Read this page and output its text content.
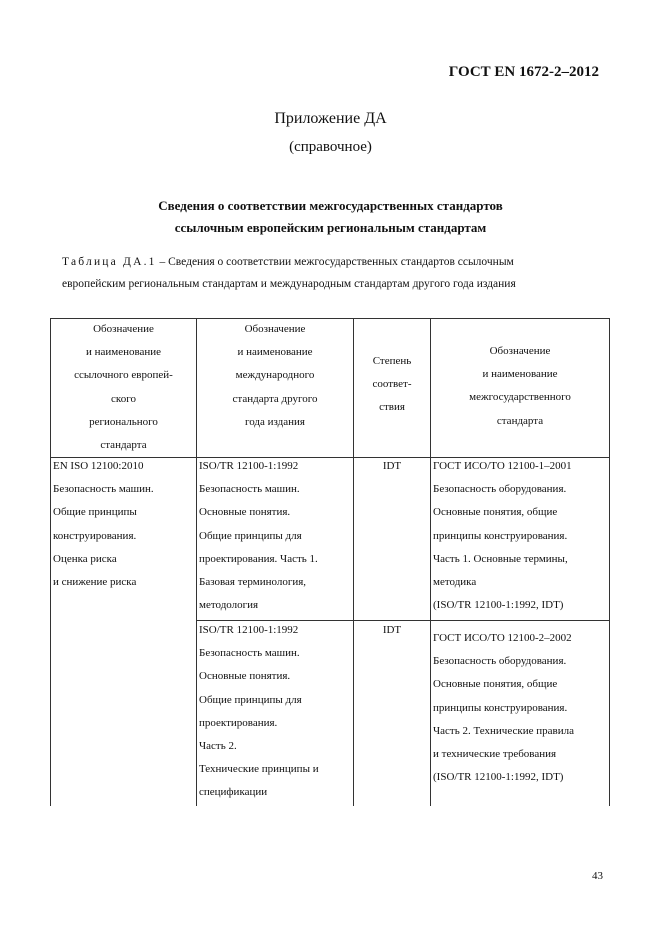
ГОСТ EN 1672-2–2012
Приложение ДА
(справочное)
Сведения о соответствии межгосударственных стандартов
ссылочным европейским региональным стандартам
Таблица ДА.1 – Сведения о соответствии межгосударственных стандартов ссылочным
европейским региональным стандартам и международным стандартам другого года издания
Обозначение
и наименование
ссылочного европей-
ского
регионального
стандарта
Обозначение
и наименование
международного
стандарта другого
года издания
Степень
соответ-
ствия
Обозначение
и наименование
межгосударственного
стандарта
EN ISO 12100:2010
Безопасность машин.
Общие принципы
конструирования.
Оценка риска
и снижение риска
ISO/TR 12100-1:1992
Безопасность машин.
Основные понятия.
Общие принципы для
проектирования. Часть 1.
Базовая терминология,
методология
IDT	ГОСТ ИСО/ТО 12100-1–2001
Безопасность оборудования.
Основные понятия, общие
принципы конструирования.
Часть 1. Основные термины,
методика
(ISO/TR 12100-1:1992, IDT)
ISO/TR 12100-1:1992
Безопасность машин.
Основные понятия.
Общие принципы для
проектирования.
Часть 2.
Технические принципы и
спецификации
IDT
ГОСТ ИСО/ТО 12100-2–2002
Безопасность оборудования.
Основные понятия, общие
принципы конструирования.
Часть 2. Технические правила
и технические требования
(ISO/TR 12100-1:1992, IDT)
43
